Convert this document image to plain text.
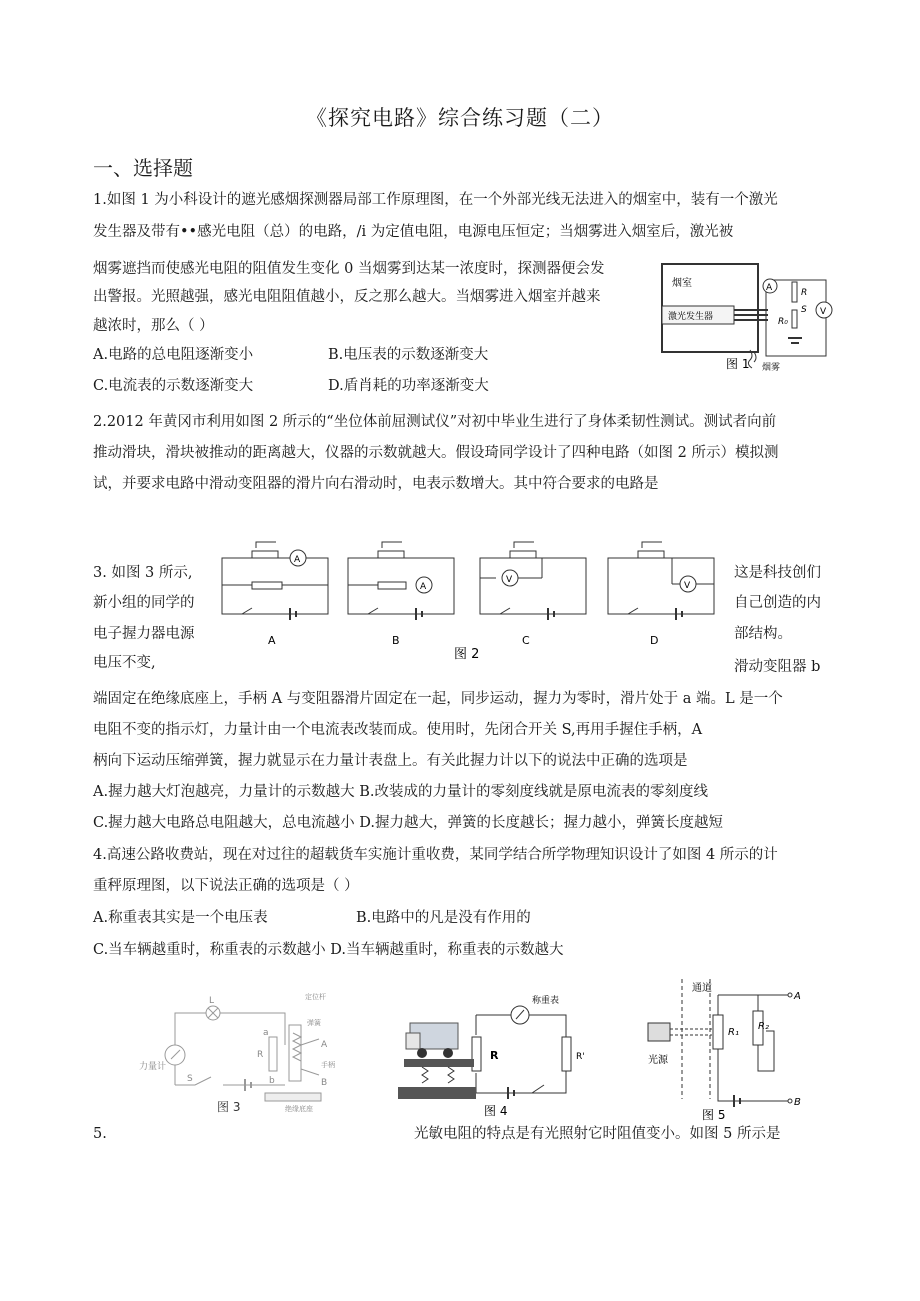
《探究电路》综合练习题（二）
一、选择题
1.如图 1 为小科设计的遮光感烟探测器局部工作原理图，在一个外部光线无法进入的烟室中，装有一个激光
发生器及带有••感光电阻（总）的电路，/i 为定值电阻，电源电压恒定；当烟雾进入烟室后，激光被
烟雾遮挡而使感光电阻的阻值发生变化 0 当烟雾到达某一浓度时，探测器便会发
出警报。光照越强，感光电阻阻值越小，反之那么越大。当烟雾进入烟室并越来
越浓时，那么（ ）
A.电路的总电阻逐渐变小	B.电压表的示数逐渐变大
C.电流表的示数逐渐变大	D.盾肖耗的功率逐渐变大
烟室
激光发生器
A	R
S
R₀
V
图 1 烟雾
2.2012 年黄冈市利用如图 2 所示的“坐位体前屈测试仪”对初中毕业生进行了身体柔韧性测试。测试者向前
推动滑块，滑块被推动的距离越大，仪器的示数就越大。假设琦同学设计了四种电路（如图 2 所示）模拟测
试，并要求电路中滑动变阻器的滑片向右滑动时，电表示数增大。其中符合要求的电路是
A
A
A
B
V
C
V
D
图 2
3. 如图 3 所示,
新小组的同学的
电子握力器电源
电压不变,
这是科技创们
自己创造的内
部结构。
滑动变阻器 b
端固定在绝缘底座上，手柄 A 与变阻器滑片固定在一起，同步运动，握力为零时，滑片处于 a 端。L 是一个
电阻不变的指示灯，力量计由一个电流表改装而成。使用时，先闭合开关 S,再用手握住手柄，A
柄向下运动压缩弹簧，握力就显示在力量计表盘上。有关此握力计以下的说法中正确的选项是
A.握力越大灯泡越亮，力量计的示数越大 B.改装成的力量计的零刻度线就是原电流表的零刻度线
C.握力越大电路总电阻越大，总电流越小 D.握力越大，弹簧的长度越长；握力越小，弹簧长度越短
4.高速公路收费站，现在对过往的超载货车实施计重收费，某同学结合所学物理知识设计了如图 4 所示的计
重秤原理图，以下说法正确的选项是（ ）
A.称重表其实是一个电压表	B.电路中的凡是没有作用的
C.当车辆越重时，称重表的示数越小 D.当车辆越重时，称重表的示数越大
L
力量计
S
R
a
b
A
B
定位杆
弹簧
手柄
绝缘底座
图 3
称重表
R	R'
图 4
通道
光源
R₁
R₂
A
B
图 5
5.	光敏电阻的特点是有光照射它时阻值变小。如图 5 所示是
